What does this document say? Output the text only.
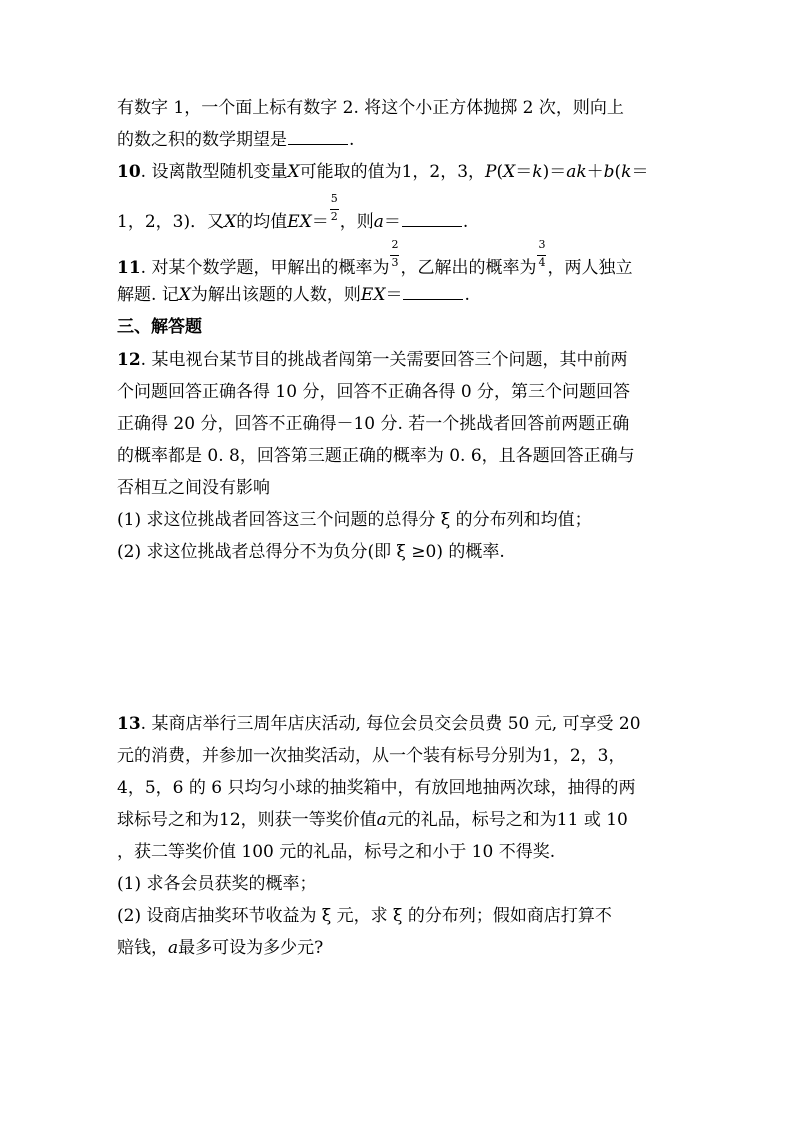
有数字 1，一个面上标有数字 2. 将这个小正方体抛掷 2 次，则向上
的数之积的数学期望是	.
10. 设离散型随机变量X可能取的值为1，2，3，P(X＝k)＝ak＋b(k＝
1，2，3)．又X的均值$EX= \frac{5}{2}$ ，则a＝	.
11. 对某个数学题，甲解出的概率为 $\frac{2}{3}$ ，乙解出的概率为 $\frac{3}{4}$ ，两人独立
解题. 记X为解出该题的人数，则EX＝	.
三、解答题
12. 某电视台某节目的挑战者闯第一关需要回答三个问题，其中前两
个问题回答正确各得 10 分，回答不正确各得 0 分，第三个问题回答
正确得 20 分，回答不正确得－10 分. 若一个挑战者回答前两题正确
的概率都是 0. 8，回答第三题正确的概率为 0. 6，且各题回答正确与
否相互之间没有影响
(1) 求这位挑战者回答这三个问题的总得分 ξ 的分布列和均值；
(2) 求这位挑战者总得分不为负分(即 ξ ≥0) 的概率.
13. 某商店举行三周年店庆活动, 每位会员交会员费 50 元, 可享受 20
元的消费，并参加一次抽奖活动，从一个装有标号分别为1，2，3，
4，5，6 的 6 只均匀小球的抽奖箱中，有放回地抽两次球，抽得的两
球标号之和为12，则获一等奖价值a元的礼品，标号之和为11 或 10
，获二等奖价值 100 元的礼品，标号之和小于 10 不得奖.
(1) 求各会员获奖的概率；
(2) 设商店抽奖环节收益为 ξ 元，求 ξ 的分布列；假如商店打算不
赔钱，a最多可设为多少元?
